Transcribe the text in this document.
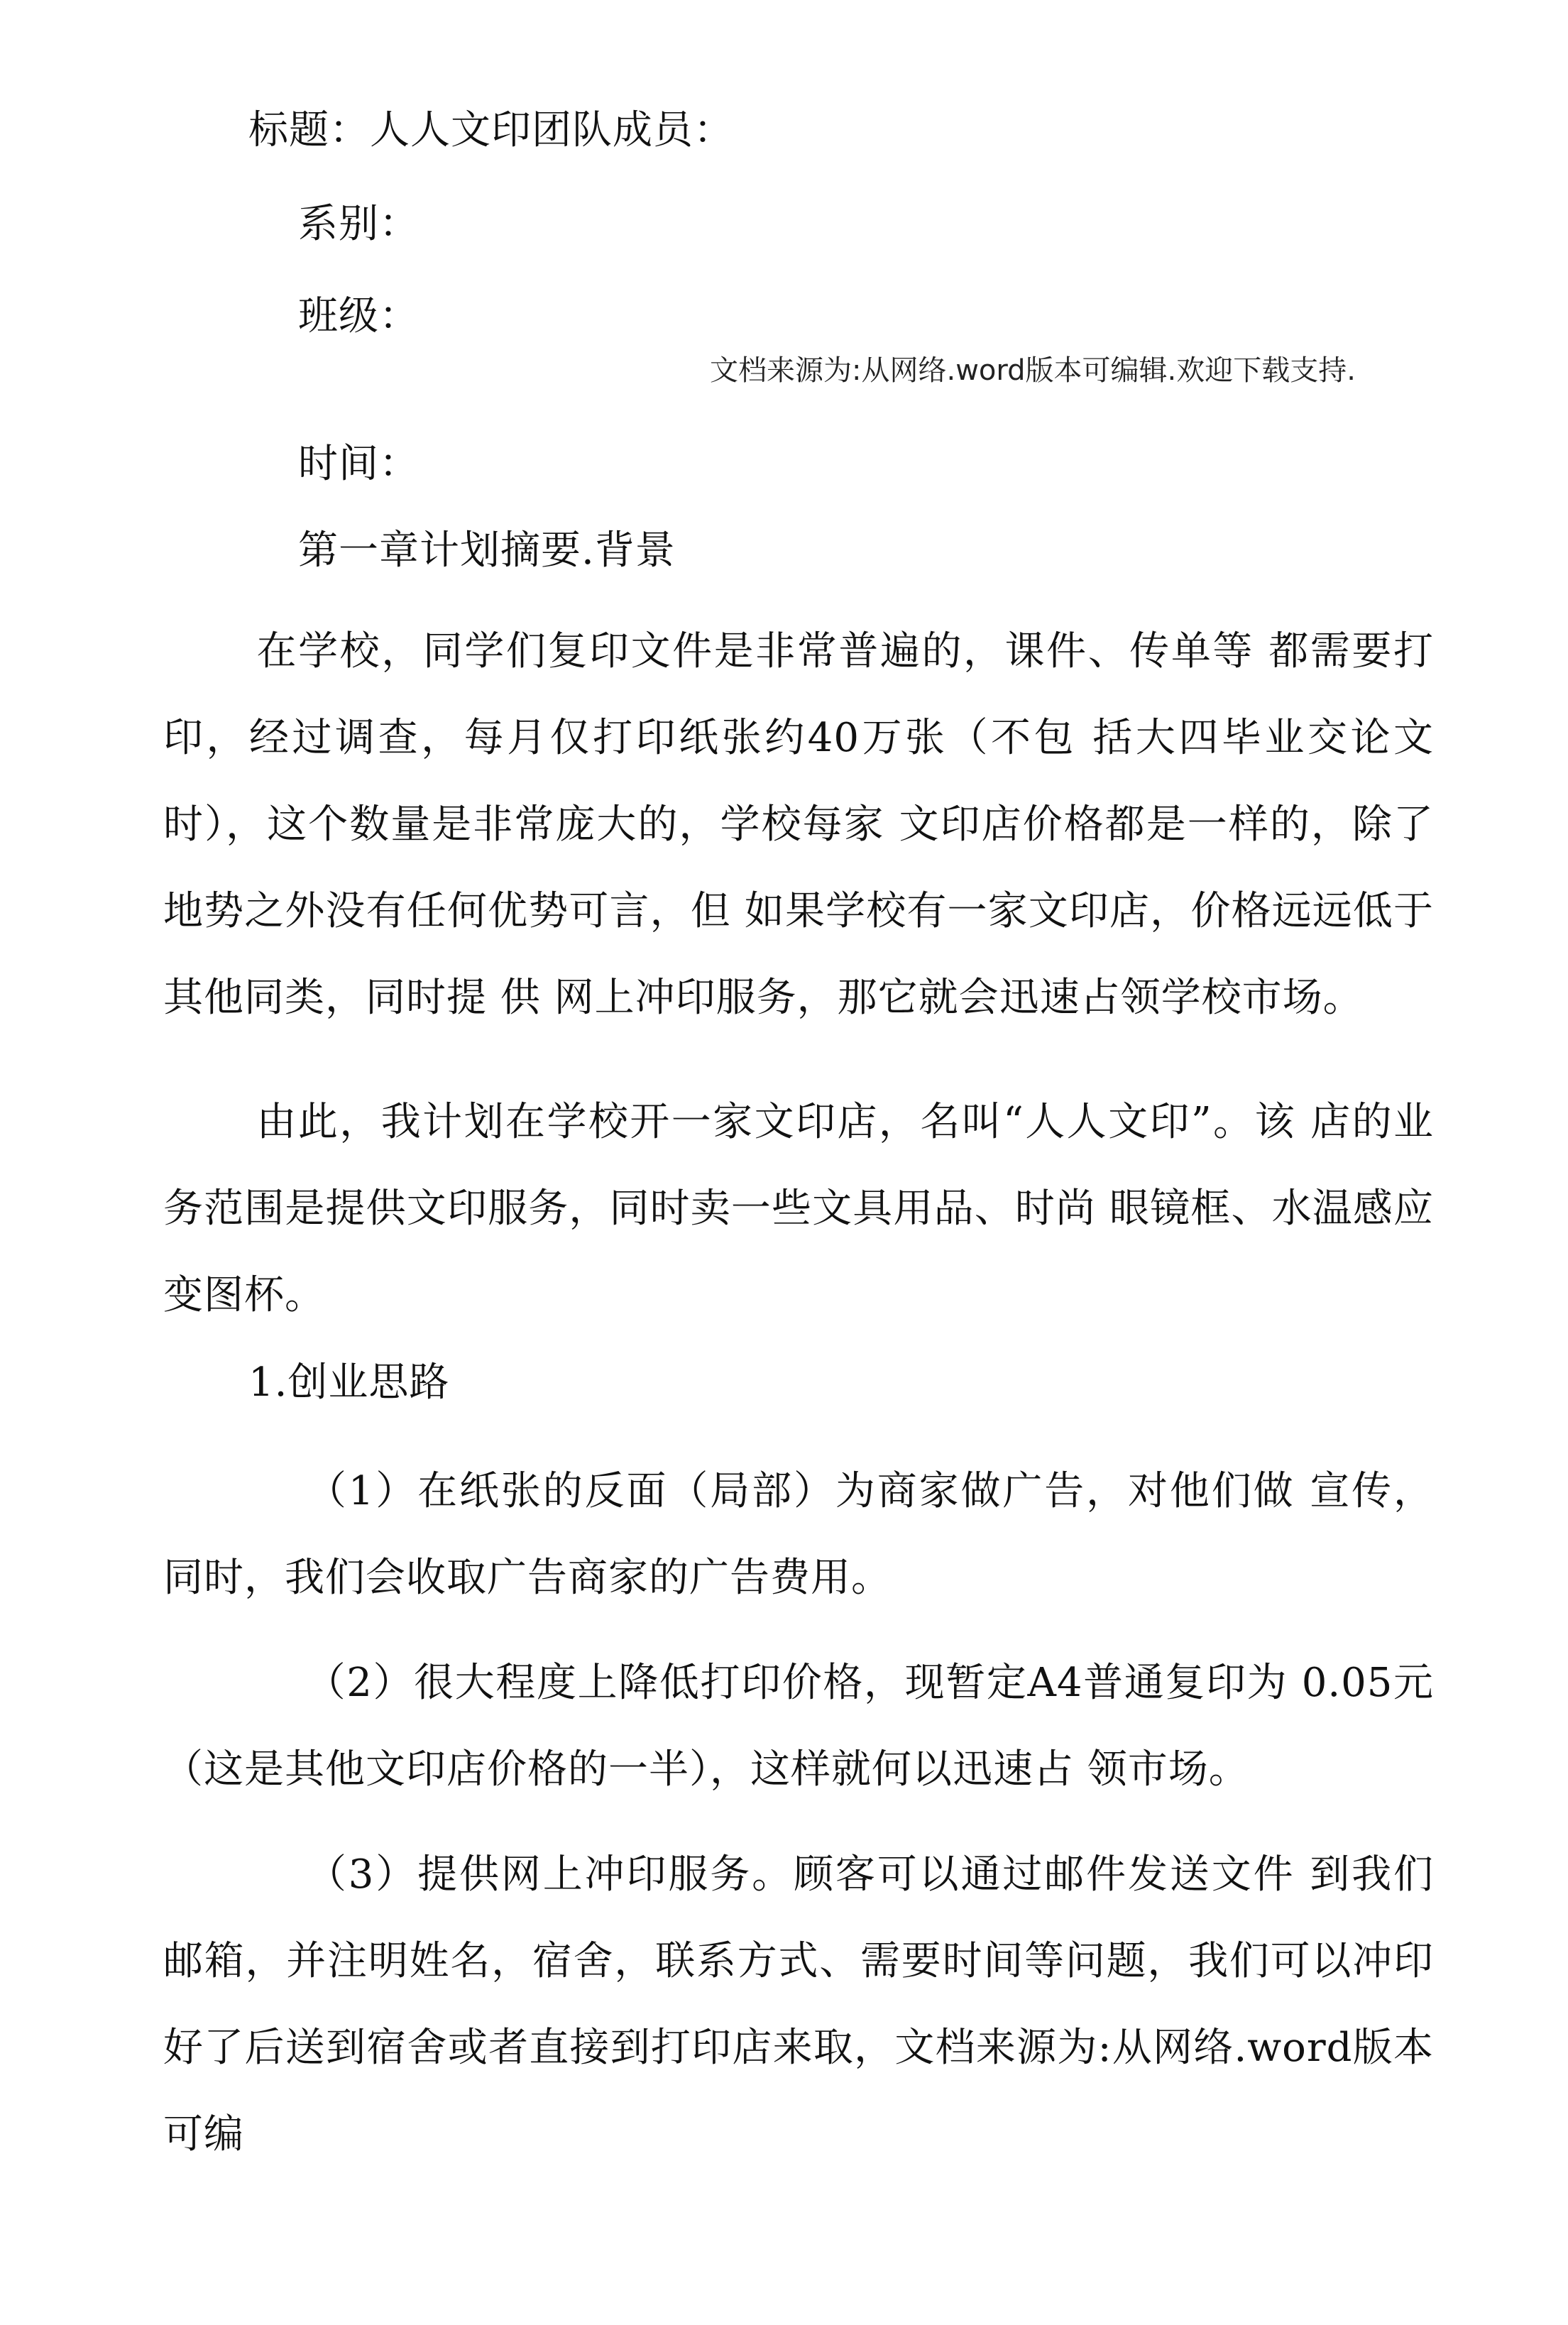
标题：人人文印团队成员：
系别：
班级：
文档来源为:从网络.word版本可编辑.欢迎下载支持.
时间：
第一章计划摘要.背景
在学校，同学们复印文件是非常普遍的，课件、传单等 都需要打印，经过调查，每月仅打印纸张约40万张（不包 括大四毕业交论文时），这个数量是非常庞大的，学校每家 文印店价格都是一样的，除了地势之外没有任何优势可言，但 如果学校有一家文印店，价格远远低于其他同类，同时提 供 网上冲印服务，那它就会迅速占领学校市场。
由此，我计划在学校开一家文印店，名叫“人人文印”。该 店的业务范围是提供文印服务，同时卖一些文具用品、时尚 眼镜框、水温感应变图杯。
1.创业思路
（1）在纸张的反面（局部）为商家做广告，对他们做 宣传，同时，我们会收取广告商家的广告费用。
（2）很大程度上降低打印价格，现暂定A4普通复印为 0.05元（这是其他文印店价格的一半），这样就何以迅速占 领市场。
（3）提供网上冲印服务。顾客可以通过邮件发送文件 到我们邮箱，并注明姓名，宿舍，联系方式、需要时间等问题，我们可以冲印好了后送到宿舍或者直接到打印店来取，文档来源为:从网络.word版本可编
